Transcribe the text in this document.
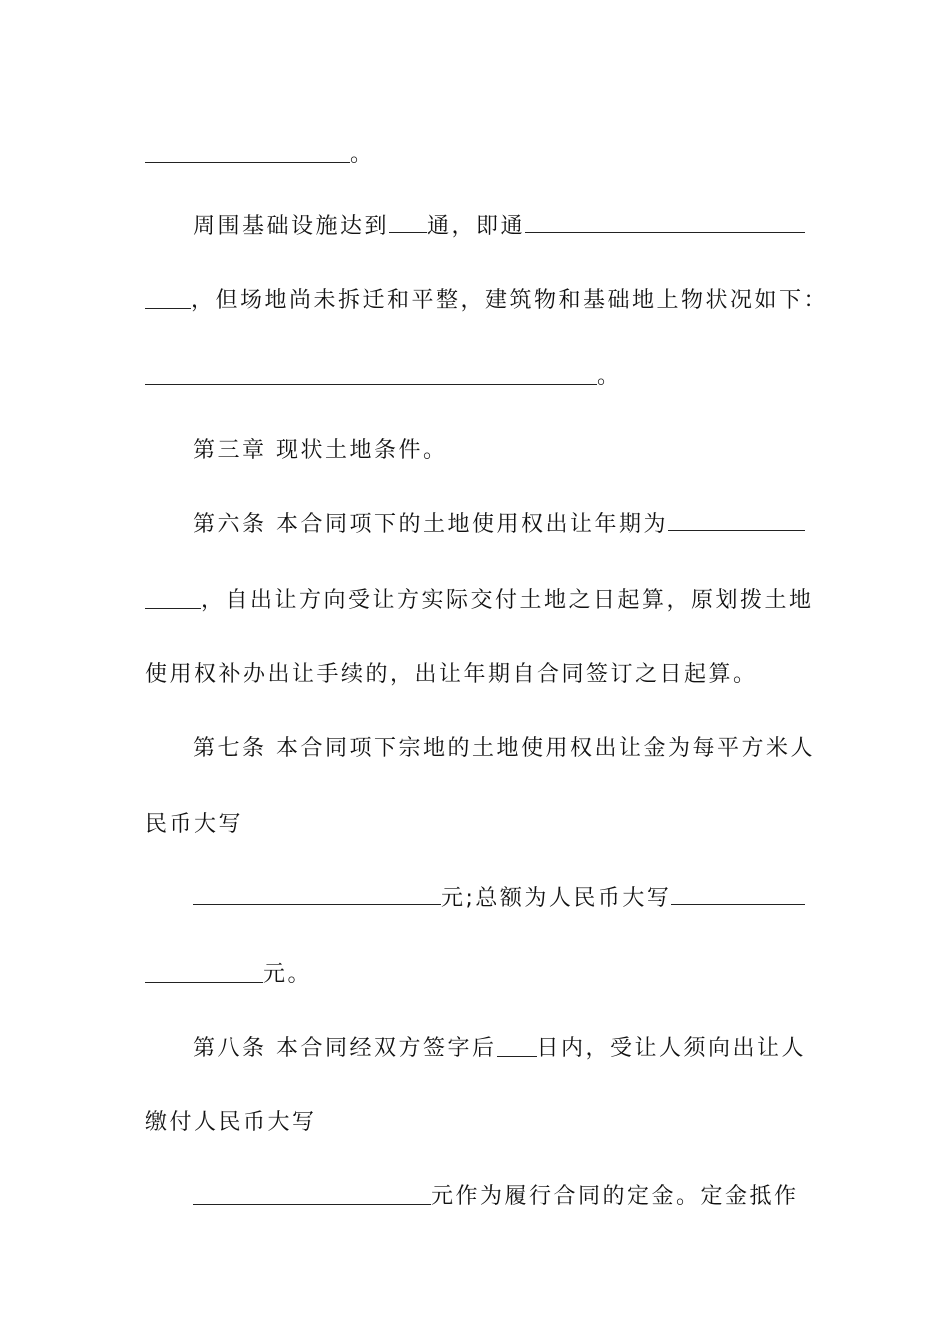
。
周围基础设施达到 通，即通
，但场地尚未拆迁和平整，建筑物和基础地上物状况如下：
。
第三章 现状土地条件。
第六条 本合同项下的土地使用权出让年期为
，自出让方向受让方实际交付土地之日起算，原划拨土地
使用权补办出让手续的，出让年期自合同签订之日起算。
第七条 本合同项下宗地的土地使用权出让金为每平方米人
民币大写
元;总额为人民币大写
元。
第八条 本合同经双方签字后 日内，受让人须向出让人
缴付人民币大写
元作为履行合同的定金。定金抵作
